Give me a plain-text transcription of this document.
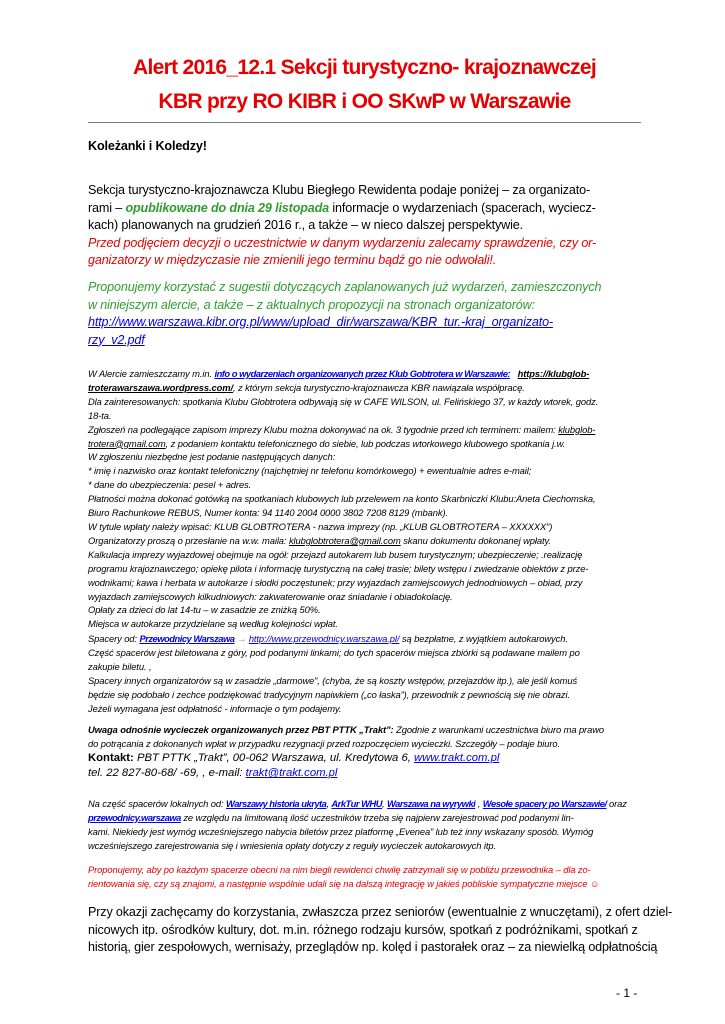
Alert 2016_12.1 Sekcji turystyczno- krajoznawczej
KBR przy RO KIBR i OO SKwP w Warszawie
Koleżanki i Koledzy!
Sekcja turystyczno-krajoznawcza Klubu Biegłego Rewidenta podaje poniżej – za organizato-
rami – opublikowane do dnia 29 listopada informacje o wydarzeniach (spacerach, wyciecz-
kach) planowanych na grudzień 2016 r., a także – w nieco dalszej perspektywie.
Przed podjęciem decyzji o uczestnictwie w danym wydarzeniu zalecamy sprawdzenie, czy or-
ganizatorzy w międzyczasie nie zmienili jego terminu bądź go nie odwołali!.
Proponujemy korzystać z sugestii dotyczących zaplanowanych już wydarzeń, zamieszczonych
w niniejszym alercie, a także – z aktualnych propozycji na stronach organizatorów:
http://www.warszawa.kibr.org.pl/www/upload_dir/warszawa/KBR_tur.-kraj_organizato-
rzy_v2.pdf
W Alercie zamieszczamy m.in. info o wydarzeniach organizowanych przez Klub Gobtrotera w Warszawie: https://klubglob-
troterawarszawa.wordpress.com/, z którym sekcja turystyczno-krajoznawcza KBR nawiązała współpracę.
Dla zainteresowanych: spotkania Klubu Globtrotera odbywają się w CAFE WILSON, ul. Felińskiego 37, w każdy wtorek, godz.
18-ta.
Zgłoszeń na podlegające zapisom imprezy Klubu można dokonywać na ok. 3 tygodnie przed ich terminem: mailem: klubglob-
trotera@gmail.com, z podaniem kontaktu telefonicznego do siebie, lub podczas wtorkowego klubowego spotkania j.w.
W zgłoszeniu niezbędne jest podanie następujących danych:
* imię i nazwisko oraz kontakt telefoniczny (najchętniej nr telefonu komórkowego) + ewentualnie adres e-mail;
* dane do ubezpieczenia: pesel + adres.
Płatności można dokonać gotówką na spotkaniach klubowych lub przelewem na konto Skarbniczki Klubu:Aneta Ciechomska,
Biuro Rachunkowe REBUS, Numer konta: 94 1140 2004 0000 3802 7208 8129 (mbank).
W tytule wpłaty należy wpisać: KLUB GLOBTROTERA - nazwa imprezy (np. „KLUB GLOBTROTERA – XXXXXX”)
Organizatorzy proszą o przesłanie na w.w. maila: klubglobtrotera@gmail.com skanu dokumentu dokonanej wpłaty.
Kalkulacja imprezy wyjazdowej obejmuje na ogół: przejazd autokarem lub busem turystycznym; ubezpieczenie; .realizację
programu krajoznawczego; opiekę pilota i informację turystyczną na całej trasie; bilety wstępu i zwiedzanie obiektów z prze-
wodnikami; kawa i herbata w autokarze i słodki poczęstunek; przy wyjazdach zamiejscowych jednodniowych – obiad, przy
wyjazdach zamiejscowych kilkudniowych: zakwaterowanie oraz śniadanie i obiadokolację.
Opłaty za dzieci do lat 14-tu – w zasadzie ze zniżką 50%.
Miejsca w autokarze przydzielane są według kolejności wpłat.
Spacery od: Przewodnicy Warszawa → http://www.przewodnicy.warszawa.pl/ są bezpłatne, z wyjątkiem autokarowych.
Część spacerów jest biletowana z góry, pod podanymi linkami; do tych spacerów miejsca zbiórki są podawane mailem po
zakupie biletu. ,
Spacery innych organizatorów są w zasadzie „darmowe”, (chyba, że są koszty wstępów, przejazdów itp.), ale jeśli komuś
będzie się podobało i zechce podziękować tradycyjnym napiwkiem („co łaska”), przewodnik z pewnością się nie obrazi.
Jeżeli wymagana jest odpłatność - informacje o tym podajemy.
Uwaga odnośnie wycieczek organizowanych przez PBT PTTK „Trakt”: Zgodnie z warunkami uczestnictwa biuro ma prawo
do potrącania z dokonanych wpłat w przypadku rezygnacji przed rozpoczęciem wycieczki. Szczegóły – podaje biuro.
Kontakt: PBT PTTK „Trakt”, 00-062 Warszawa, ul. Kredytowa 6, www.trakt.com.pl
tel. 22 827-80-68/ -69, , e-mail: trakt@trakt.com.pl
Na część spacerów lokalnych od: Warszawy historia ukryta, ArkTur WHU, Warszawa na wyrywki , Wesołe spacery po Warszawie/ oraz
przewodnicy.warszawa ze względu na limitowaną ilość uczestników trzeba się najpierw zarejestrować pod podanymi lin-
kami. Niekiedy jest wymóg wcześniejszego nabycia biletów przez platformę „Evenea” lub też inny wskazany sposób. Wymóg
wcześniejszego zarejestrowania się i wniesienia opłaty dotyczy z reguły wycieczek autokarowych itp.
Proponujemy, aby po każdym spacerze obecni na nim biegli rewidenci chwilę zatrzymali się w pobliżu przewodnika – dla zo-
rientowania się, czy są znajomi, a następnie wspólnie udali się na dalszą integrację w jakieś pobliskie sympatyczne miejsce ☺
Przy okazji zachęcamy do korzystania, zwłaszcza przez seniorów (ewentualnie z wnuczętami), z ofert dziel-
nicowych itp. ośrodków kultury, dot. m.in. różnego rodzaju kursów, spotkań z podróżnikami, spotkań z
historią, gier zespołowych, wernisaży, przeglądów np. kolęd i pastorałek oraz – za niewielką odpłatnością
- 1 -
